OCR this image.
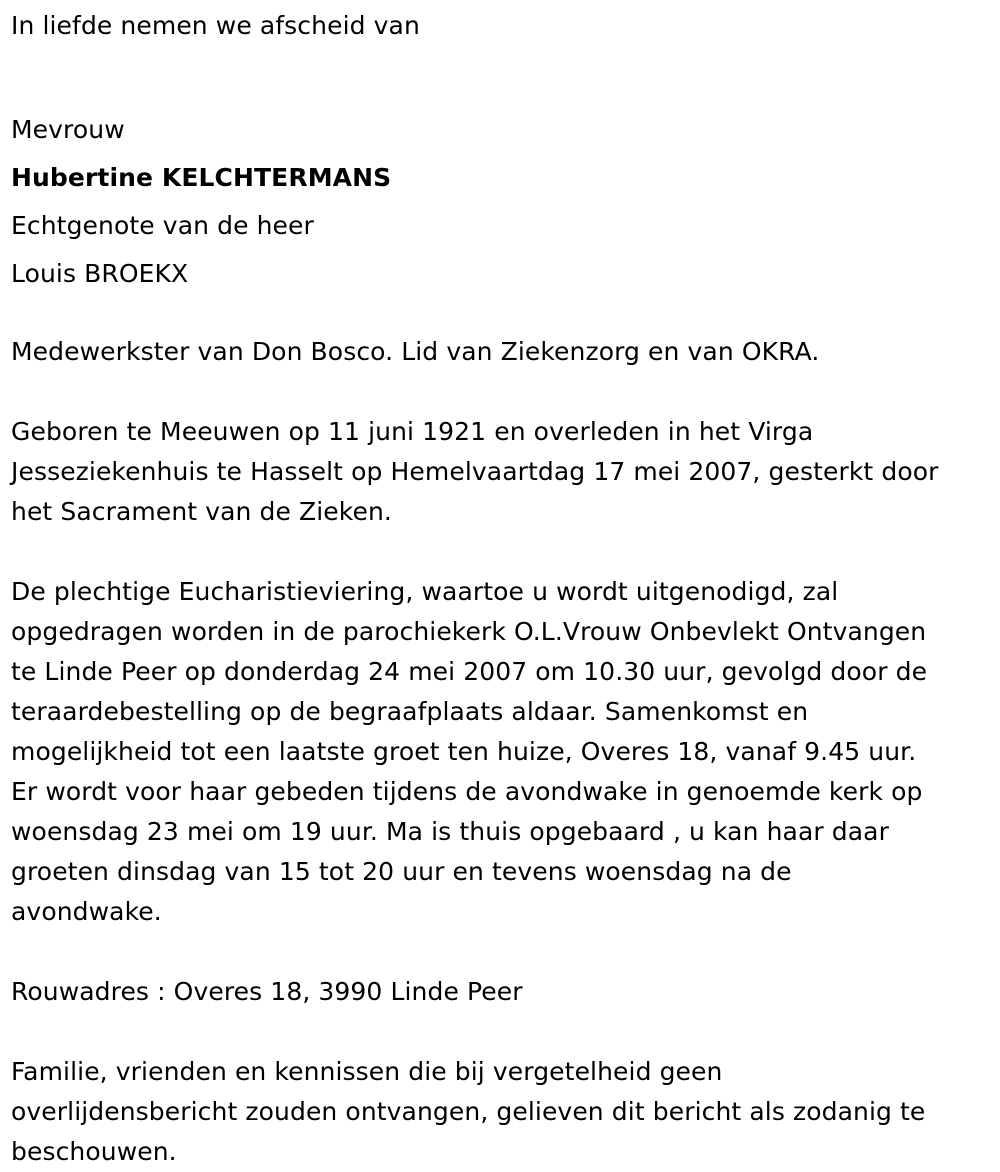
In liefde nemen we afscheid van
Mevrouw
Hubertine KELCHTERMANS
Echtgenote van de heer
Louis BROEKX
Medewerkster van Don Bosco. Lid van Ziekenzorg en van OKRA.
Geboren te Meeuwen op 11 juni 1921 en overleden in het Virga
Jesseziekenhuis te Hasselt op Hemelvaartdag 17 mei 2007, gesterkt door
het Sacrament van de Zieken.
De plechtige Eucharistieviering, waartoe u wordt uitgenodigd, zal
opgedragen worden in de parochiekerk O.L.Vrouw Onbevlekt Ontvangen
te Linde Peer op donderdag 24 mei 2007 om 10.30 uur, gevolgd door de
teraardebestelling op de begraafplaats aldaar. Samenkomst en
mogelijkheid tot een laatste groet ten huize, Overes 18, vanaf 9.45 uur.
Er wordt voor haar gebeden tijdens de avondwake in genoemde kerk op
woensdag 23 mei om 19 uur. Ma is thuis opgebaard , u kan haar daar
groeten dinsdag van 15 tot 20 uur en tevens woensdag na de
avondwake.
Rouwadres : Overes 18, 3990 Linde Peer
Familie, vrienden en kennissen die bij vergetelheid geen
overlijdensbericht zouden ontvangen, gelieven dit bericht als zodanig te
beschouwen.
